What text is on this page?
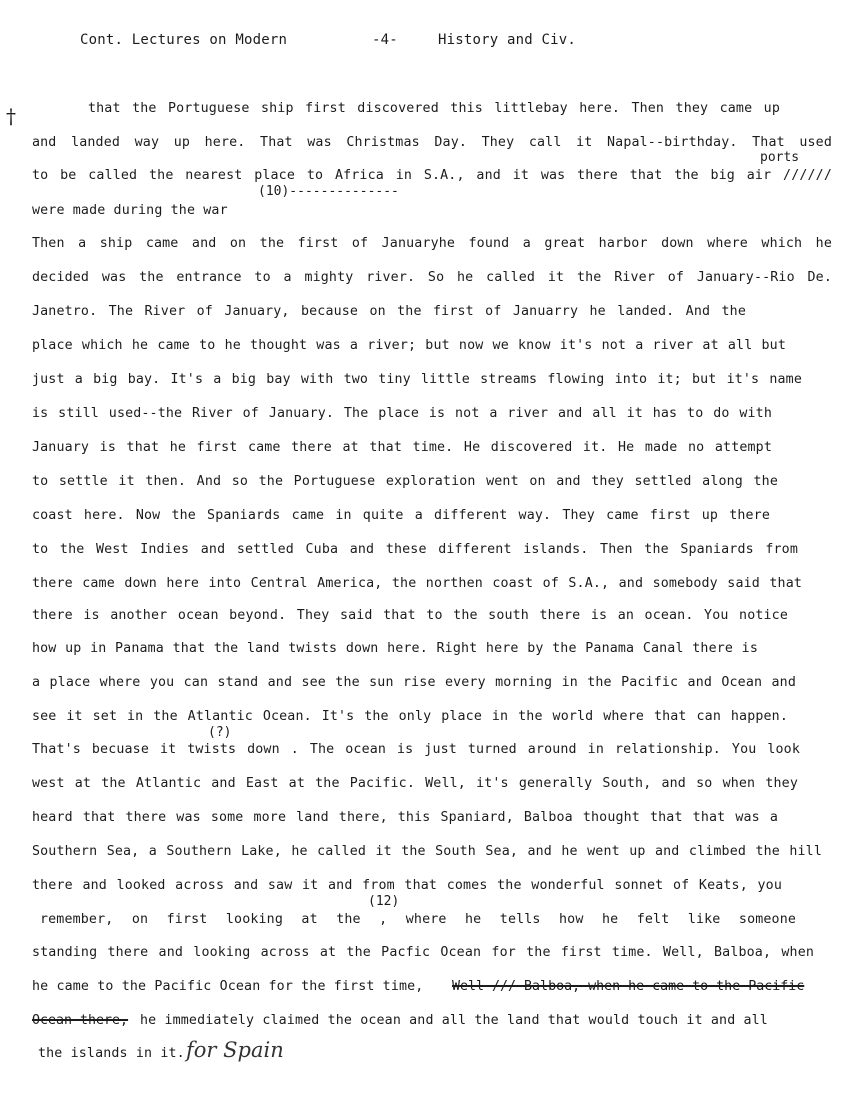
Cont. Lectures on Modern	-4-	History and Civ.
†	that the Portuguese ship first discovered this littlebay here. Then they came up
and landed way up here. That was Christmas Day. They call it Napal--birthday. That used
ports
to be called the nearest place to Africa in S.A., and it was there that the big air //////
(10)--------------
were made during the war
Then a ship came and on the first of Januaryhe found a great harbor down where which he
decided was the entrance to a mighty river. So he called it the River of January--Rio De.
Janetro. The River of January, because on the first of Januarry he landed. And the
place which he came to he thought was a river; but now we know it's not a river at all but
just a big bay. It's a big bay with two tiny little streams flowing into it; but it's name
is still used--the River of January. The place is not a river and all it has to do with
January is that he first came there at that time. He discovered it. He made no attempt
to settle it then. And so the Portuguese exploration went on and they settled along the
coast here. Now the Spaniards came in quite a different way. They came first up there
to the West Indies and settled Cuba and these different islands. Then the Spaniards from
there came down here into Central America, the northen coast of S.A., and somebody said that
there is another ocean beyond. They said that to the south there is an ocean. You notice
how up in Panama that the land twists down here. Right here by the Panama Canal there is
a place where you can stand and see the sun rise every morning in the Pacific and Ocean and
see it set in the Atlantic Ocean. It's the only place in the world where that can happen.
(?)
That's becuase it twists down . The ocean is just turned around in relationship. You look
west at the Atlantic and East at the Pacific. Well, it's generally South, and so when they
heard that there was some more land there, this Spaniard, Balboa thought that that was a
Southern Sea, a Southern Lake, he called it the South Sea, and he went up and climbed the hill
there and looked across and saw it and from that comes the wonderful sonnet of Keats, you
(12)
remember, on first looking at the , where he tells how he felt like someone
standing there and looking across at the Pacfic Ocean for the first time. Well, Balboa, when
he came to the Pacific Ocean for the first time,	Well /// Balboa, when he came to the Pacific
Ocean there, he immediately claimed the ocean and all the land that would touch it and all
the islands in it. for Spain
